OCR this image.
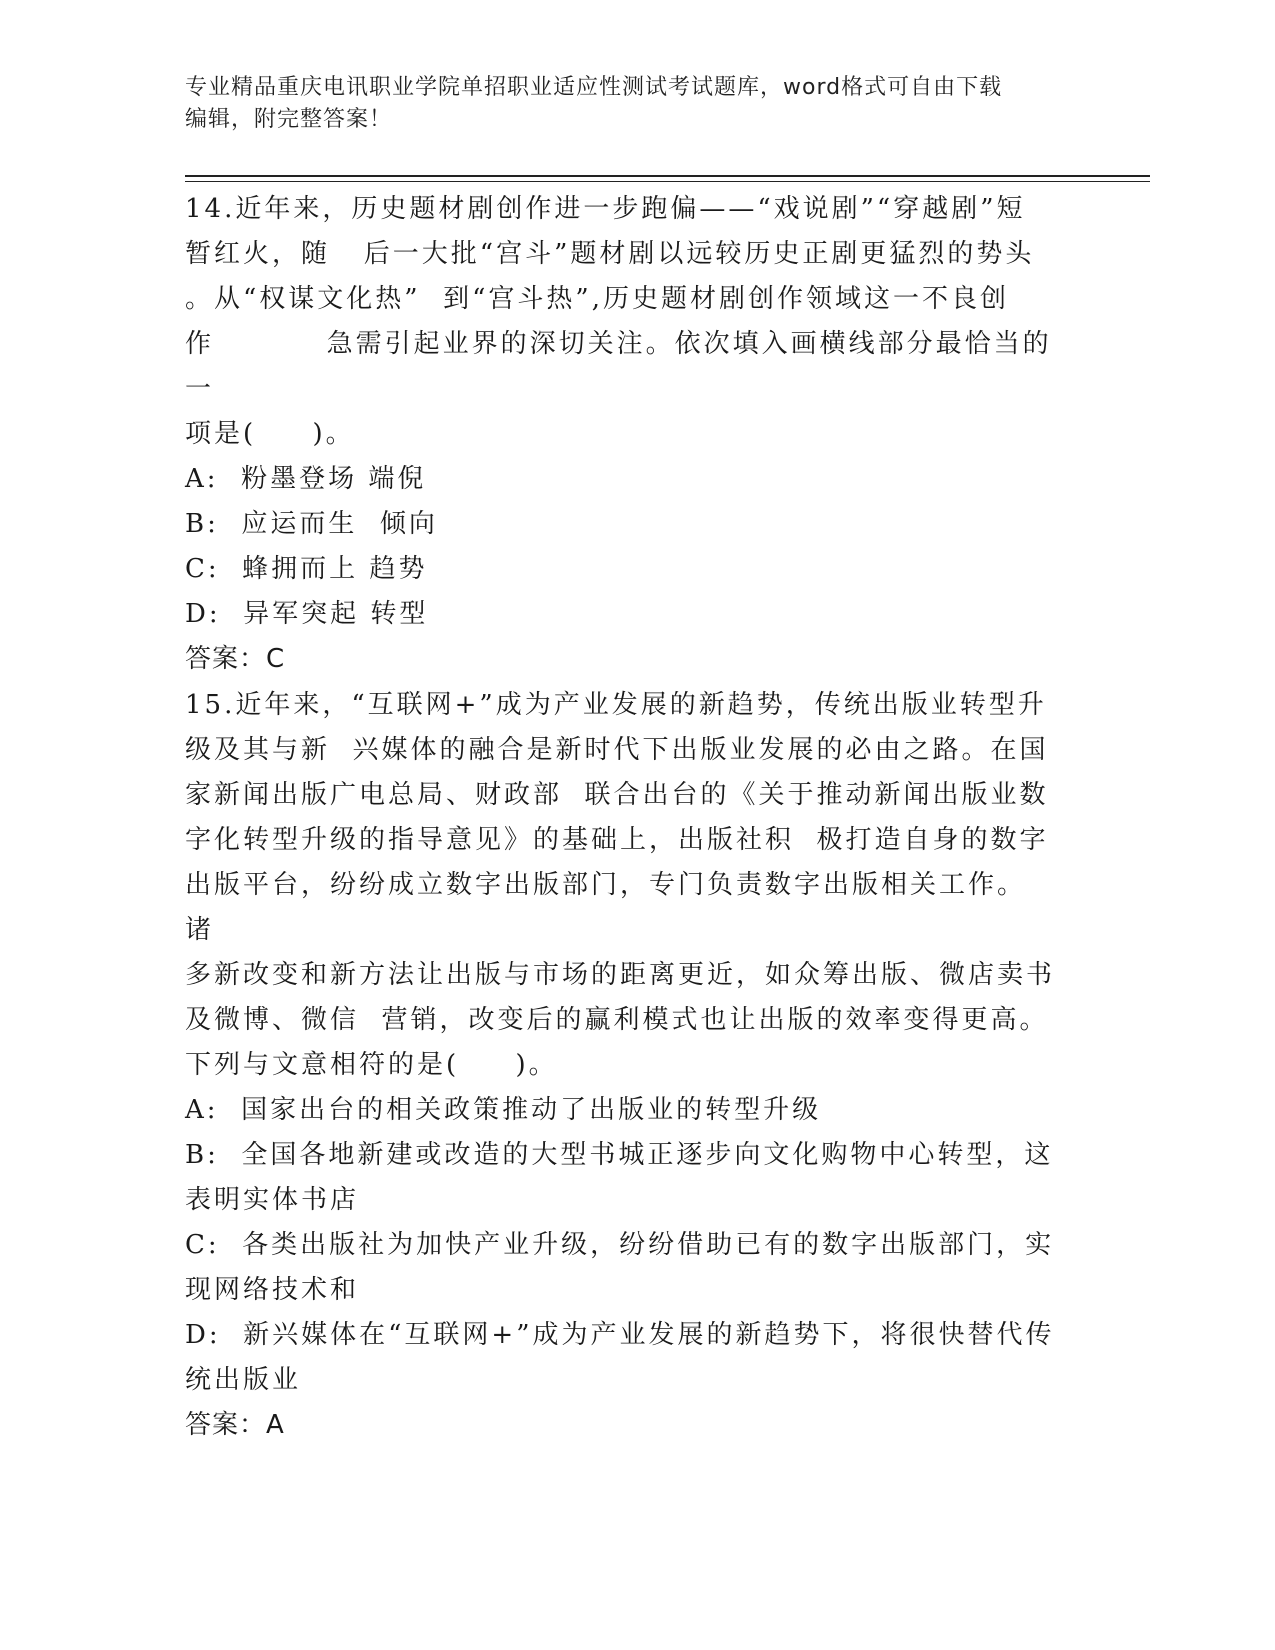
专业精品重庆电讯职业学院单招职业适应性测试考试题库，word格式可自由下载
编辑，附完整答案！

14.近年来，历史题材剧创作进一步跑偏——“戏说剧”“穿越剧”短

暂红火，随   后一大批“宫斗”题材剧以远较历史正剧更猛烈的势头

。从“权谋文化热”  到“宫斗热”,历史题材剧创作领域这一不良创

作          急需引起业界的深切关注。依次填入画横线部分最恰当的一

项是(     )。

A:  粉墨登场 端倪

B:  应运而生  倾向

C:  蜂拥而上 趋势

D:  异军突起 转型

答案：C

15.近年来，“互联网+”成为产业发展的新趋势，传统出版业转型升

级及其与新  兴媒体的融合是新时代下出版业发展的必由之路。在国

家新闻出版广电总局、财政部  联合出台的《关于推动新闻出版业数

字化转型升级的指导意见》的基础上，出版社积  极打造自身的数字

出版平台，纷纷成立数字出版部门，专门负责数字出版相关工作。 诸

多新改变和新方法让出版与市场的距离更近，如众筹出版、微店卖书

及微博、微信  营销，改变后的赢利模式也让出版的效率变得更高。

下列与文意相符的是(     )。

A:  国家出台的相关政策推动了出版业的转型升级

B:  全国各地新建或改造的大型书城正逐步向文化购物中心转型，这

表明实体书店

C:  各类出版社为加快产业升级，纷纷借助已有的数字出版部门，实

现网络技术和

D:  新兴媒体在“互联网+”成为产业发展的新趋势下，将很快替代传

统出版业

答案：A
